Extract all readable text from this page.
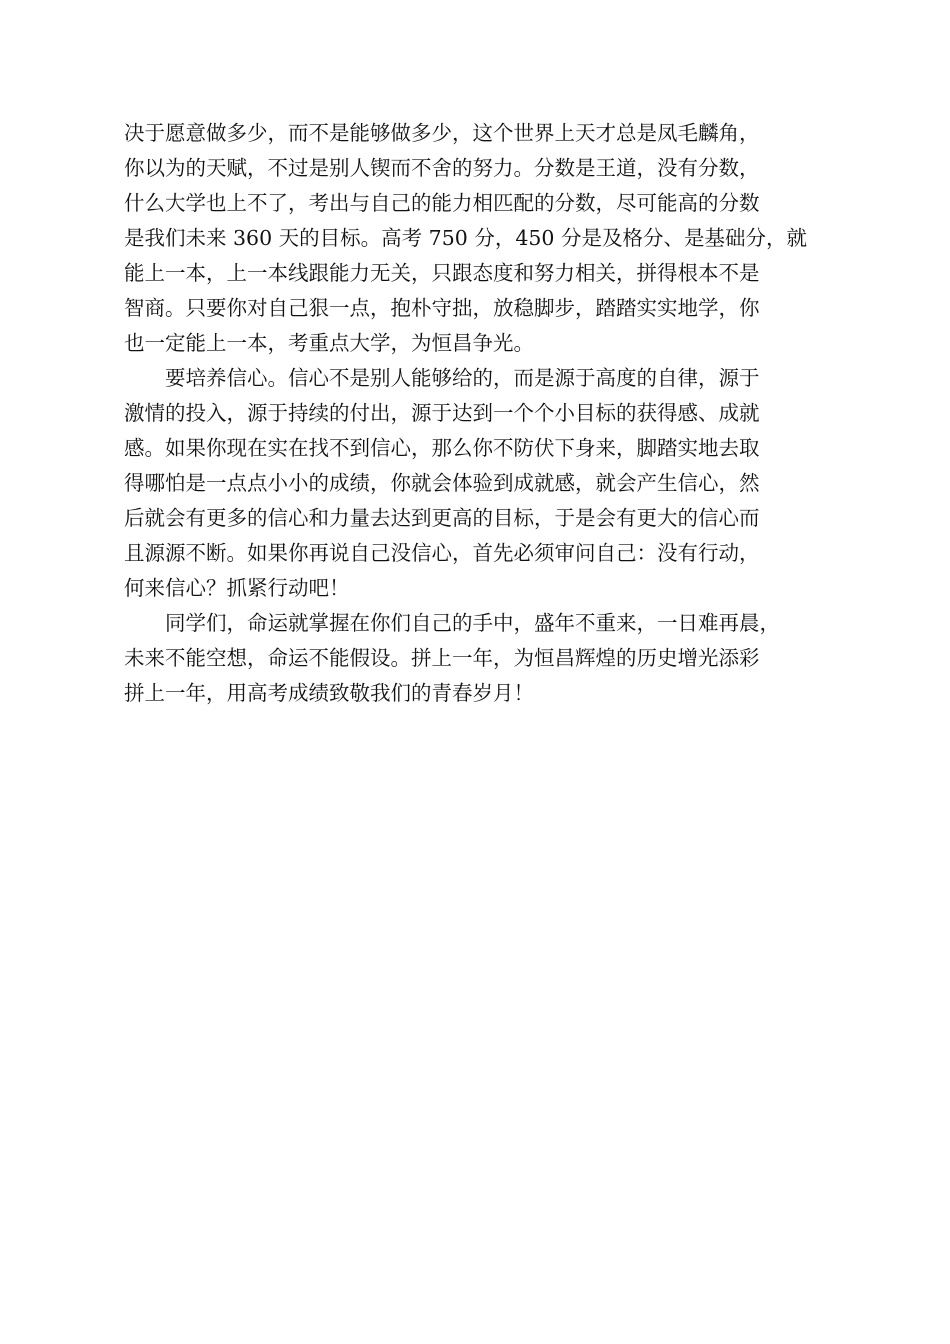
决于愿意做多少，而不是能够做多少，这个世界上天才总是凤毛麟角，
你以为的天赋，不过是别人锲而不舍的努力。分数是王道，没有分数，
什么大学也上不了，考出与自己的能力相匹配的分数，尽可能高的分数
是我们未来 360 天的目标。高考 750 分，450 分是及格分、是基础分，就
能上一本，上一本线跟能力无关，只跟态度和努力相关，拼得根本不是
智商。只要你对自己狠一点，抱朴守拙，放稳脚步，踏踏实实地学，你
也一定能上一本，考重点大学，为恒昌争光。
　　要培养信心。信心不是别人能够给的，而是源于高度的自律，源于
激情的投入，源于持续的付出，源于达到一个个小目标的获得感、成就
感。如果你现在实在找不到信心，那么你不防伏下身来，脚踏实地去取
得哪怕是一点点小小的成绩，你就会体验到成就感，就会产生信心，然
后就会有更多的信心和力量去达到更高的目标，于是会有更大的信心而
且源源不断。如果你再说自己没信心，首先必须审问自己：没有行动，
何来信心？抓紧行动吧！
　　同学们，命运就掌握在你们自己的手中，盛年不重来，一日难再晨，
未来不能空想，命运不能假设。拼上一年，为恒昌辉煌的历史增光添彩
拼上一年，用高考成绩致敬我们的青春岁月！
